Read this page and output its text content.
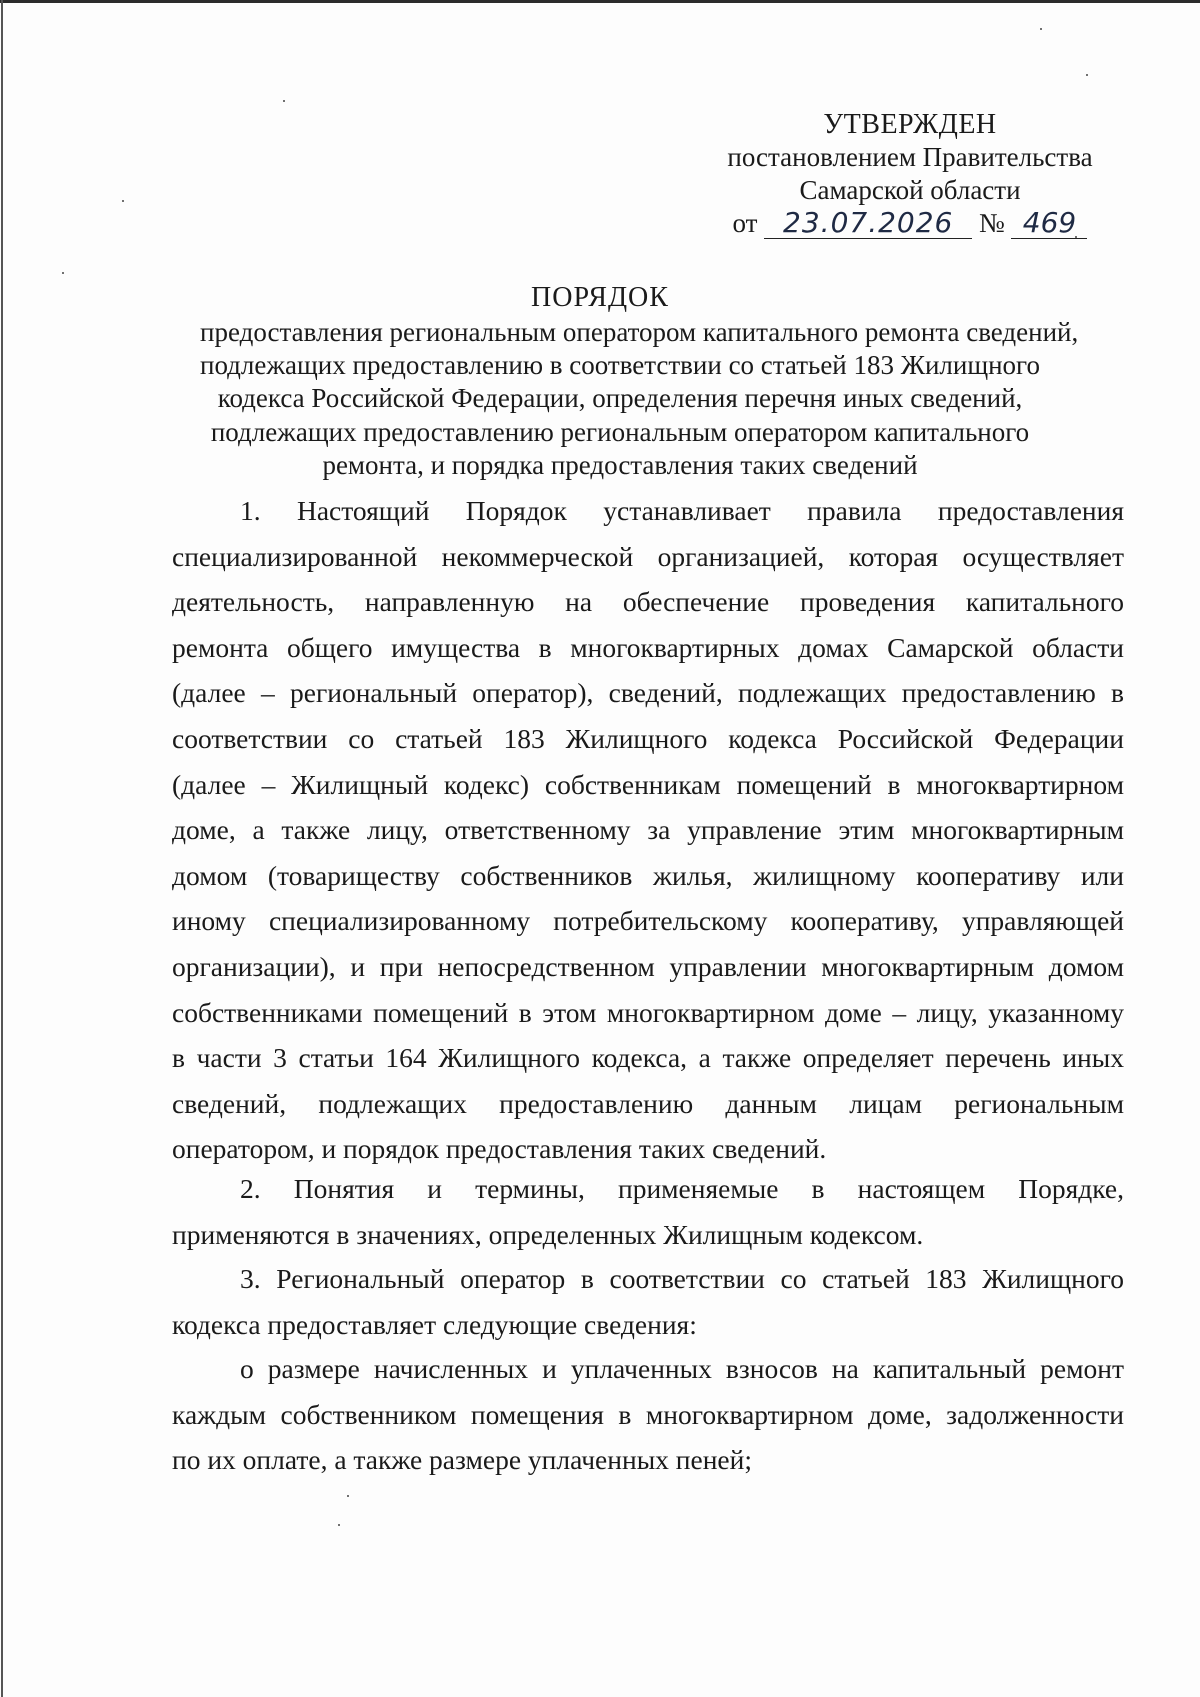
УТВЕРЖДЕН
постановлением Правительства
Самарской области
от 23.07.2026 № 469
ПОРЯДОК
предоставления региональным оператором капитального ремонта сведений,
подлежащих предоставлению в соответствии со статьей 183 Жилищного
кодекса Российской Федерации, определения перечня иных сведений,
подлежащих предоставлению региональным оператором капитального
ремонта, и порядка предоставления таких сведений
1. Настоящий Порядок устанавливает правила предоставления
специализированной некоммерческой организацией, которая осуществляет
деятельность, направленную на обеспечение проведения капитального
ремонта общего имущества в многоквартирных домах Самарской области
(далее – региональный оператор), сведений, подлежащих предоставлению в
соответствии со статьей 183 Жилищного кодекса Российской Федерации
(далее – Жилищный кодекс) собственникам помещений в многоквартирном
доме, а также лицу, ответственному за управление этим многоквартирным
домом (товариществу собственников жилья, жилищному кооперативу или
иному специализированному потребительскому кооперативу, управляющей
организации), и при непосредственном управлении многоквартирным домом
собственниками помещений в этом многоквартирном доме – лицу, указанному
в части 3 статьи 164 Жилищного кодекса, а также определяет перечень иных
сведений, подлежащих предоставлению данным лицам региональным
оператором, и порядок предоставления таких сведений.
2. Понятия и термины, применяемые в настоящем Порядке,
применяются в значениях, определенных Жилищным кодексом.
3. Региональный оператор в соответствии со статьей 183 Жилищного
кодекса предоставляет следующие сведения:
о размере начисленных и уплаченных взносов на капитальный ремонт
каждым собственником помещения в многоквартирном доме, задолженности
по их оплате, а также размере уплаченных пеней;
